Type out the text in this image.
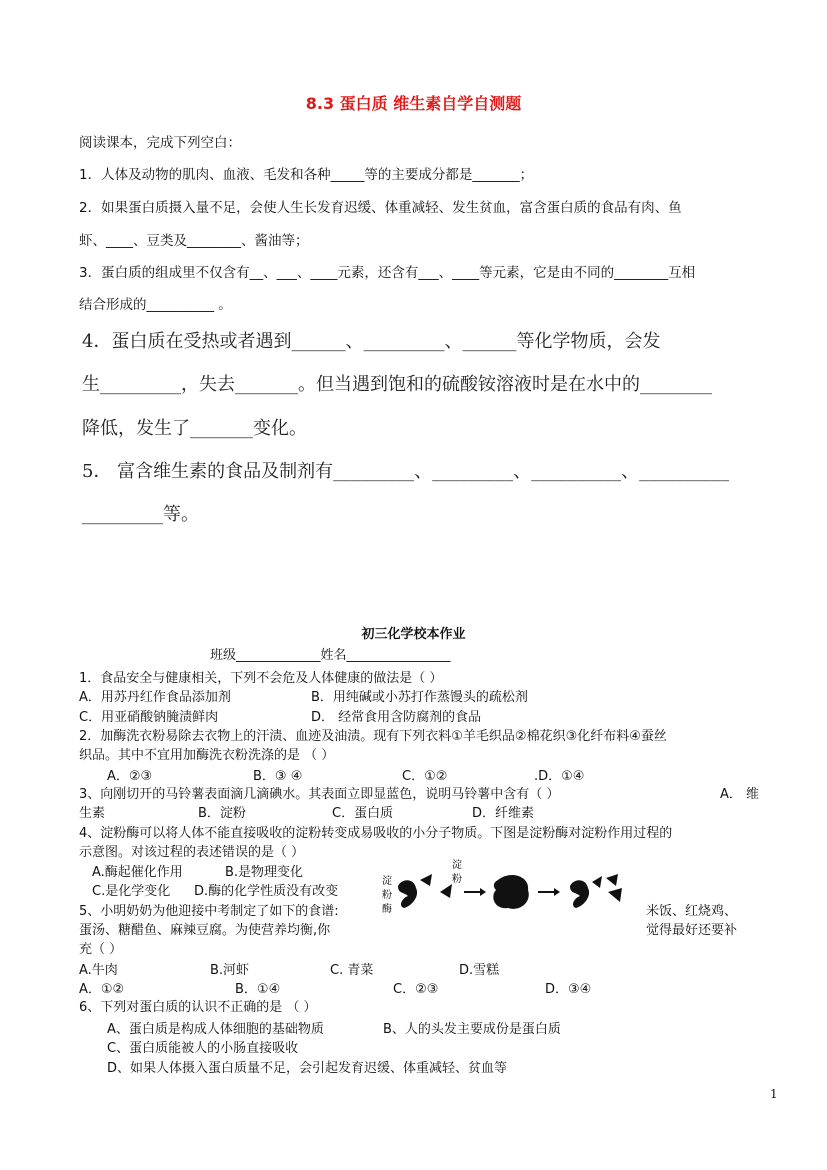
8.3 蛋白质 维生素自学自测题
阅读课本，完成下列空白：
1．人体及动物的肌肉、血液、毛发和各种_____等的主要成分都是_______；
2．如果蛋白质摄入量不足，会使人生长发育迟缓、体重减轻、发生贫血，富含蛋白质的食品有肉、鱼
虾、____、豆类及________、酱油等；
3．蛋白质的组成里不仅含有__、___、____元素，还含有___、____等元素，它是由不同的________互相
结合形成的__________ 。
4．蛋白质在受热或者遇到______、_________、______等化学物质，会发
生_________，失去_______。但当遇到饱和的硫酸铵溶液时是在水中的________
降低，发生了_______变化。
5． 富含维生素的食品及制剂有_________、_________、__________、__________
_________等。
初三化学校本作业
班级_____________姓名________________
1．食品安全与健康相关，下列不会危及人体健康的做法是（ ）
A．用苏丹红作食品添加剂	B．用纯碱或小苏打作蒸馒头的疏松剂
C．用亚硝酸钠腌渍鲜肉	D． 经常食用含防腐剂的食品
2．加酶洗衣粉易除去衣物上的汗渍、血迹及油渍。现有下列衣料①羊毛织品②棉花织③化纤布料④蚕丝
织品。其中不宜用加酶洗衣粉洗涤的是 （ ）
A．②③	B．③ ④	C．①②	.D．①④
3、向刚切开的马铃薯表面滴几滴碘水。其表面立即显蓝色，说明马铃薯中含有（ ）	A． 维
生素	B．淀粉	C．蛋白质	D．纤维素
4、淀粉酶可以将人体不能直接吸收的淀粉转变成易吸收的小分子物质。下图是淀粉酶对淀粉作用过程的
示意图。对该过程的表述错误的是（ ）
A.酶起催化作用	B.是物理变化
C.是化学变化 D.酶的化学性质没有改变
淀
粉
酶
淀
粉
5、小明奶奶为他迎接中考制定了如下的食谱:	米饭、红烧鸡、
蛋汤、糖醋鱼、麻辣豆腐。为使营养均衡,你	觉得最好还要补
充（ ）
A.牛肉	B.河虾	C. 青菜	D.雪糕
A．①②	B．①④	C．②③	D．③④
6、下列对蛋白质的认识不正确的是 （ ）
A、蛋白质是构成人体细胞的基础物质	B、人的头发主要成份是蛋白质
C、蛋白质能被人的小肠直接吸收
D、如果人体摄入蛋白质量不足，会引起发育迟缓、体重减轻、贫血等
1
